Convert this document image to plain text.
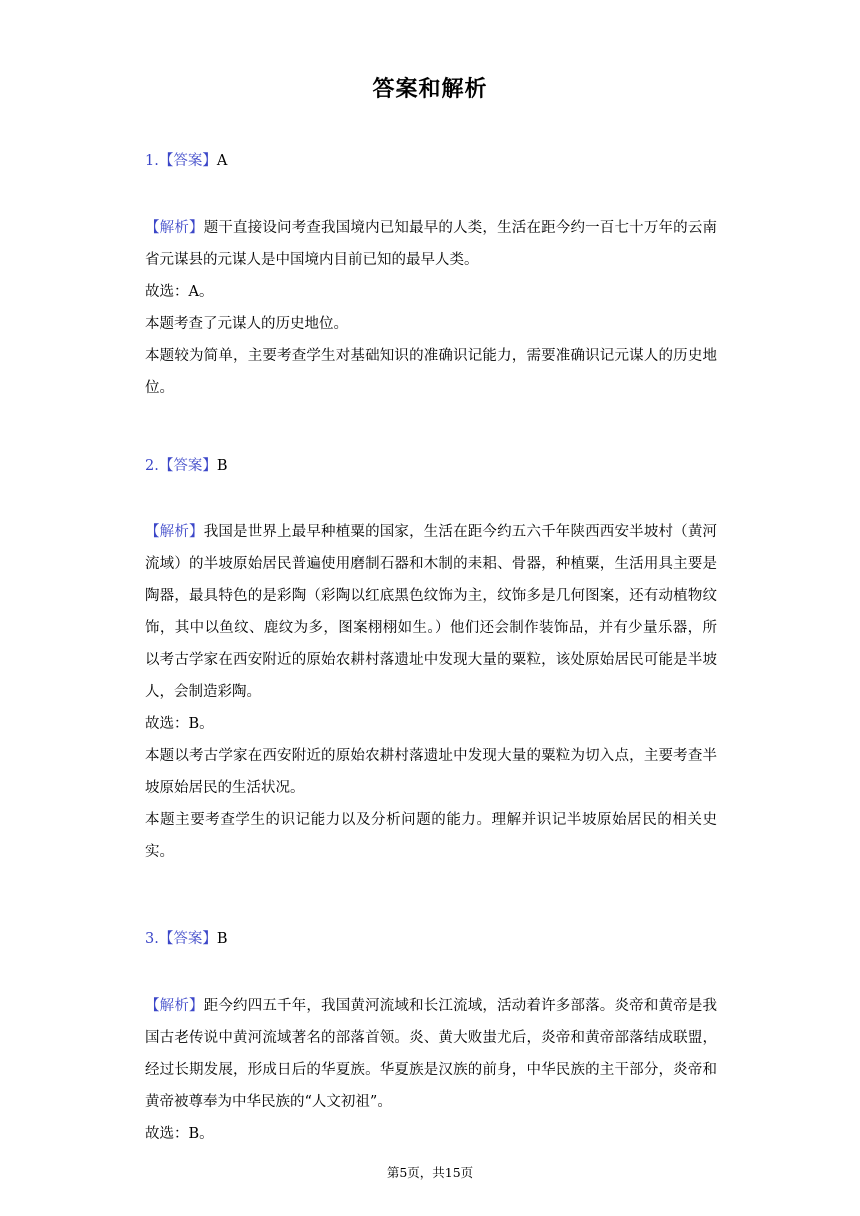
答案和解析

1.【答案】A

【解析】题干直接设问考查我国境内已知最早的人类，生活在距今约一百七十万年的云南省元谋县的元谋人是中国境内目前已知的最早人类。

故选：A。

本题考查了元谋人的历史地位。

本题较为简单，主要考查学生对基础知识的准确识记能力，需要准确识记元谋人的历史地位。

2.【答案】B

【解析】我国是世界上最早种植粟的国家，生活在距今约五六千年陕西西安半坡村（黄河流域）的半坡原始居民普遍使用磨制石器和木制的耒耜、骨器，种植粟，生活用具主要是陶器，最具特色的是彩陶（彩陶以红底黑色纹饰为主，纹饰多是几何图案，还有动植物纹饰，其中以鱼纹、鹿纹为多，图案栩栩如生。）他们还会制作装饰品，并有少量乐器，所以考古学家在西安附近的原始农耕村落遗址中发现大量的粟粒，该处原始居民可能是半坡人，会制造彩陶。

故选：B。

本题以考古学家在西安附近的原始农耕村落遗址中发现大量的粟粒为切入点，主要考查半坡原始居民的生活状况。

本题主要考查学生的识记能力以及分析问题的能力。理解并识记半坡原始居民的相关史实。

3.【答案】B

【解析】距今约四五千年，我国黄河流域和长江流域，活动着许多部落。炎帝和黄帝是我国古老传说中黄河流域著名的部落首领。炎、黄大败蚩尤后，炎帝和黄帝部落结成联盟，经过长期发展，形成日后的华夏族。华夏族是汉族的前身，中华民族的主干部分，炎帝和黄帝被尊奉为中华民族的“人文初祖”。

故选：B。

第5页，共15页
